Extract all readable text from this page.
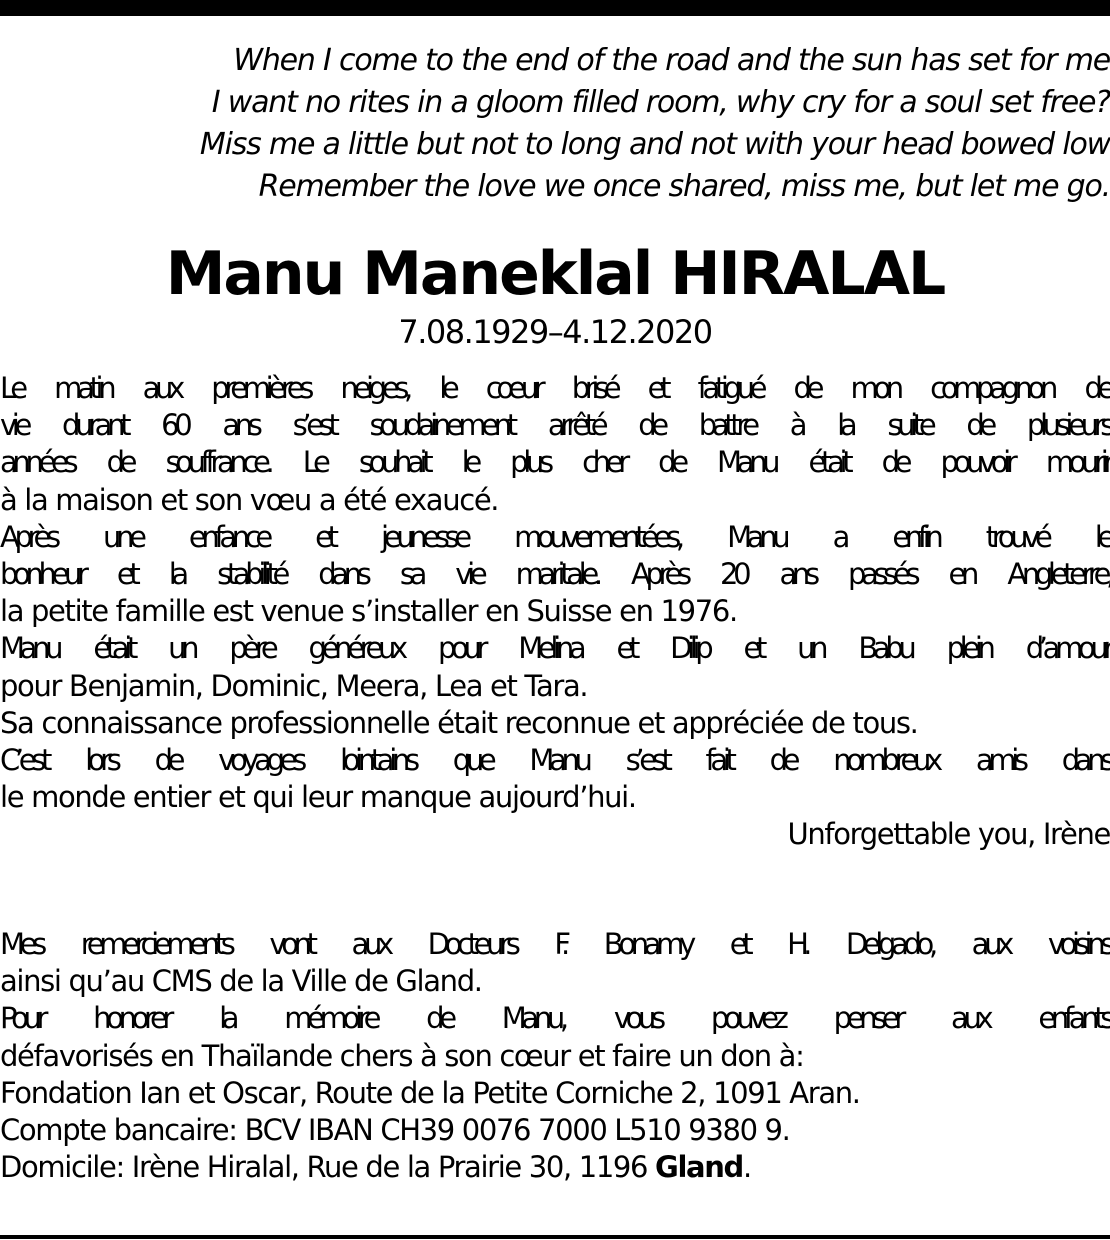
When I come to the end of the road and the sun has set for me
I want no rites in a gloom filled room, why cry for a soul set free?
Miss me a little but not to long and not with your head bowed low
Remember the love we once shared, miss me, but let me go.
Manu Maneklal HIRALAL
7.08.1929–4.12.2020
Le matin aux premières neiges, le cœur brisé et fatigué de mon compagnon de
vie durant 60 ans s’est soudainement arrêté de battre à la suite de plusieurs
années de souffrance. Le souhait le plus cher de Manu était de pouvoir mourir
à la maison et son vœu a été exaucé.
Après une enfance et jeunesse mouvementées, Manu a enfin trouvé le
bonheur et la stabilité dans sa vie maritale. Après 20 ans passés en Angleterre,
la petite famille est venue s’installer en Suisse en 1976.
Manu était un père généreux pour Melina et Dilip et un Babu plein d’amour
pour Benjamin, Dominic, Meera, Lea et Tara.
Sa connaissance professionnelle était reconnue et appréciée de tous.
C’est lors de voyages lointains que Manu s’est fait de nombreux amis dans
le monde entier et qui leur manque aujourd’hui.
Unforgettable you, Irène
Mes remerciements vont aux Docteurs F. Bonamy et H. Delgado, aux voisins
ainsi qu’au CMS de la Ville de Gland.
Pour honorer la mémoire de Manu, vous pouvez penser aux enfants
défavorisés en Thaïlande chers à son cœur et faire un don à:
Fondation Ian et Oscar, Route de la Petite Corniche 2, 1091 Aran.
Compte bancaire: BCV IBAN CH39 0076 7000 L510 9380 9.
Domicile: Irène Hiralal, Rue de la Prairie 30, 1196 Gland.
